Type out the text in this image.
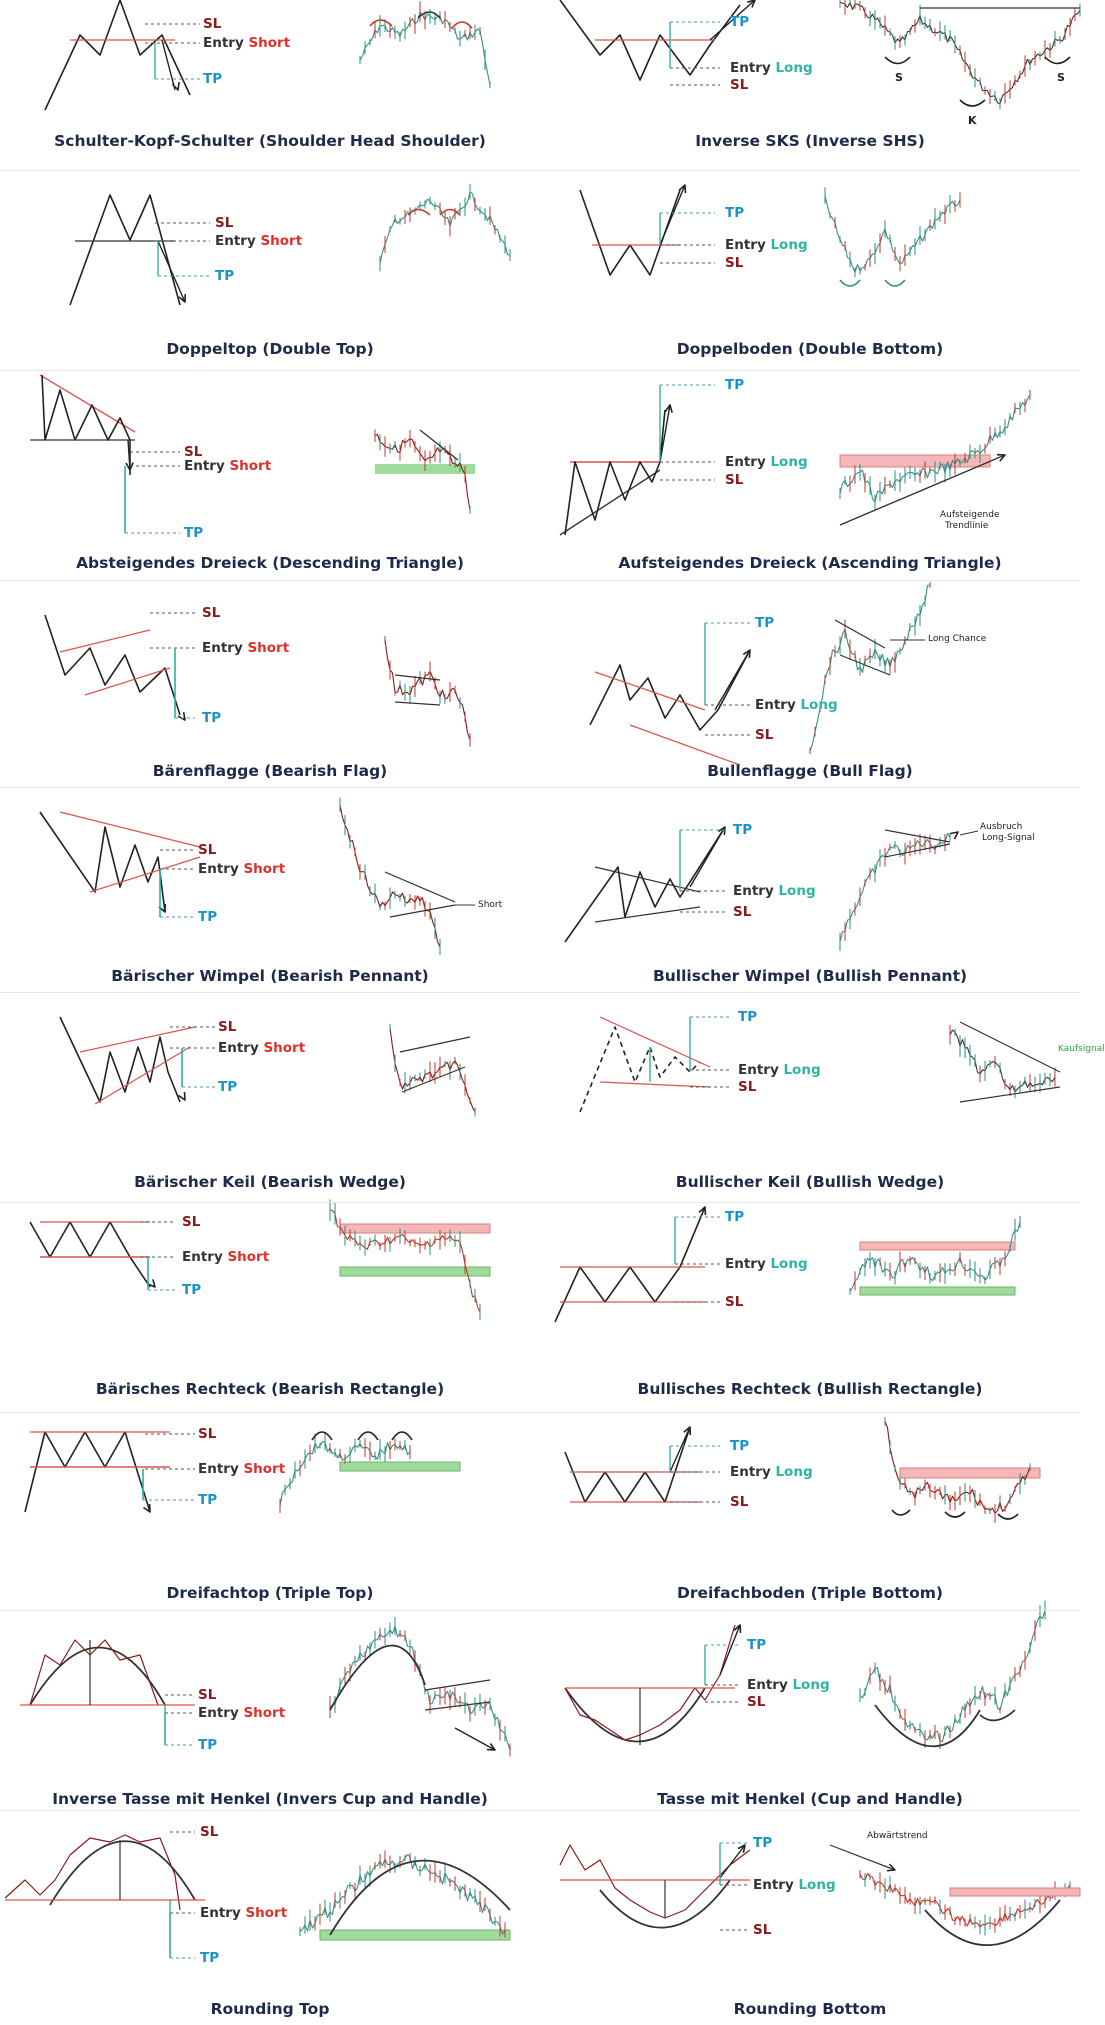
Schulter-Kopf-Schulter (Shoulder Head Shoulder)
SL
Entry Short
TP
Inverse SKS (Inverse SHS)
SL
Entry Long
TP
S
K
S
Doppeltop (Double Top)
SL
Entry Short
TP
Doppelboden (Double Bottom)
SL
Entry Long
TP
Absteigendes Dreieck (Descending Triangle)
SL
Entry Short
TP
Aufsteigendes Dreieck (Ascending Triangle)
SL
Entry Long
TP
Aufsteigende
Trendlinie
Bärenflagge (Bearish Flag)
SL
Entry Short
TP
Bullenflagge (Bull Flag)
SL
Entry Long
TP
Long Chance
Bärischer Wimpel (Bearish Pennant)
SL
Entry Short
TP
Short
Bullischer Wimpel (Bullish Pennant)
SL
Entry Long
TP	Ausbruch
Long-Signal
Bärischer Keil (Bearish Wedge)
SL
Entry Short
TP
Bullischer Keil (Bullish Wedge)
SL
Entry Long
TP
Kaufsignal
Bärisches Rechteck (Bearish Rectangle)
SL
Entry Short
TP
Bullisches Rechteck (Bullish Rectangle)
SL
Entry Long
TP
Dreifachtop (Triple Top)
SL
Entry Short
TP
Dreifachboden (Triple Bottom)
SL
Entry Long
TP
Inverse Tasse mit Henkel (Invers Cup and Handle)
SL
Entry Short
TP
Tasse mit Henkel (Cup and Handle)
SL
Entry Long
TP
Rounding Top
SL
Entry Short
TP
Rounding Bottom
SL
Entry Long
TP	Abwärtstrend
